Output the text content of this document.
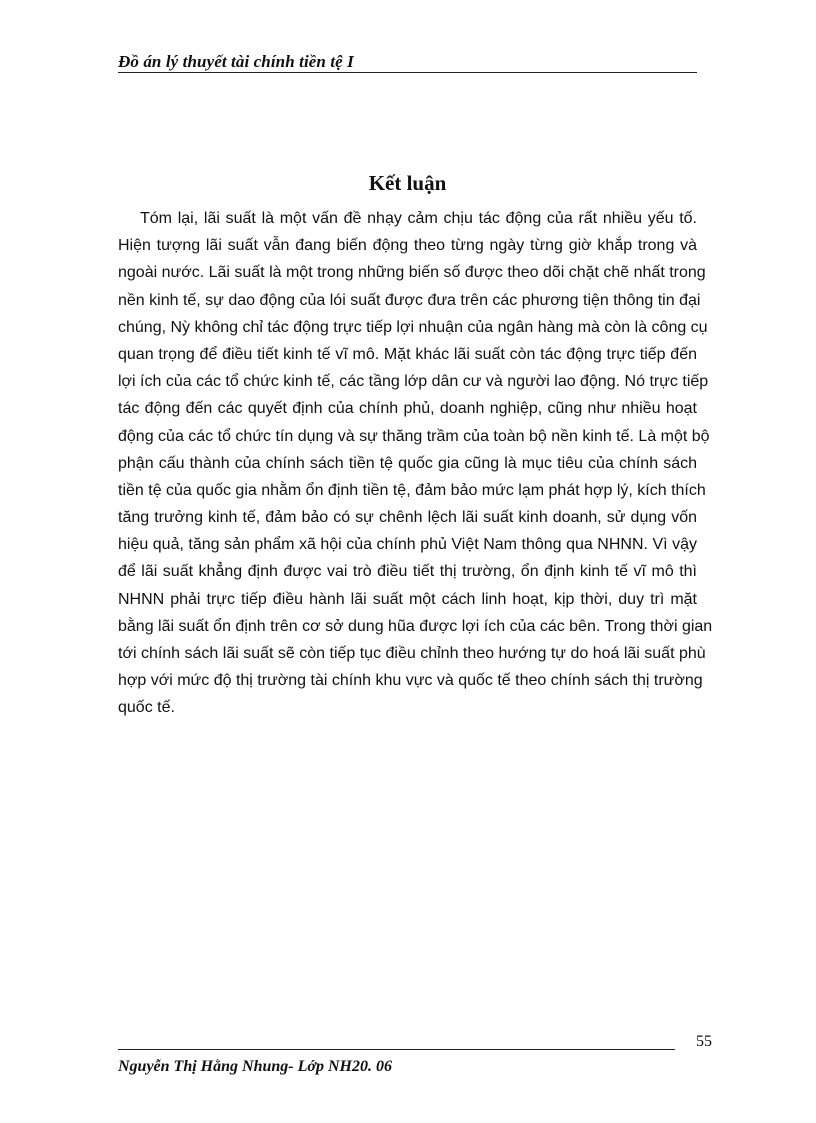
Đồ án lý thuyết tài chính tiền tệ I
Kết luận
Tóm lại, lãi suất là một vấn đề nhạy cảm chịu tác động của rất nhiều yếu tố.
Hiện tượng lãi suất vẫn đang biến động theo từng ngày từng giờ khắp trong và
ngoài nước. Lãi suất là một trong những biến số được theo dõi chặt chẽ nhất trong
nền kinh tế, sự dao động của lói suất được đưa trên các phương tiện thông tin đại
chúng, Nỳ không chỉ tác động trực tiếp lợi nhuận của ngân hàng mà còn là công cụ
quan trọng để điều tiết kinh tế vĩ mô. Mặt khác lãi suất còn tác động trực tiếp đến
lợi ích của các tổ chức kinh tế, các tầng lớp dân cư và người lao động. Nó trực tiếp
tác động đến các quyết định của chính phủ, doanh nghiệp, cũng như nhiều hoạt
động của các tổ chức tín dụng và sự thăng trầm của toàn bộ nền kinh tế. Là một bộ
phận cấu thành của chính sách tiền tệ quốc gia cũng là mục tiêu của chính sách
tiền tệ của quốc gia nhằm ổn định tiền tệ, đảm bảo mức lạm phát hợp lý, kích thích
tăng trưởng kinh tế, đảm bảo có sự chênh lệch lãi suất kinh doanh, sử dụng vốn
hiệu quả, tăng sản phẩm xã hội của chính phủ Việt Nam thông qua NHNN. Vì vậy
để lãi suất khẳng định được vai trò điều tiết thị trường, ổn định kinh tế vĩ mô thì
NHNN phải trực tiếp điều hành lãi suất một cách linh hoạt, kịp thời, duy trì mặt
bằng lãi suất ổn định trên cơ sở dung hũa được lợi ích của các bên. Trong thời gian
tới chính sách lãi suất sẽ còn tiếp tục điều chỉnh theo hướng tự do hoá lãi suất phù
hợp với mức độ thị trường tài chính khu vực và quốc tế theo chính sách thị trường
quốc tế.
55
Nguyễn Thị Hằng Nhung- Lớp NH20. 06
